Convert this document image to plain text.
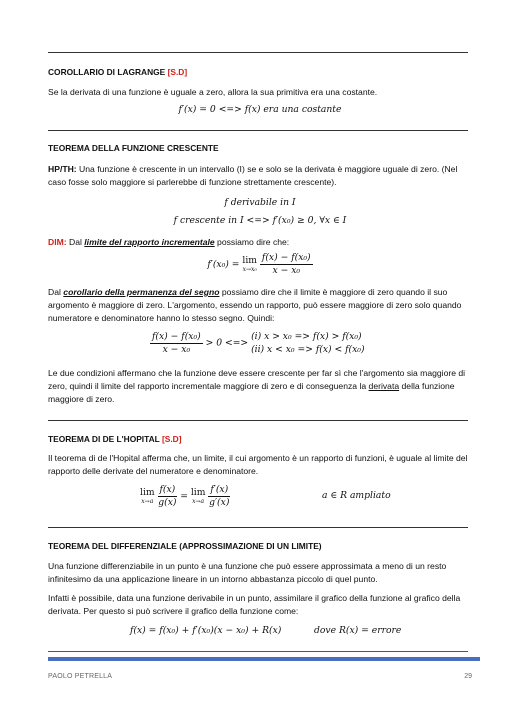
COROLLARIO DI LAGRANGE [S.D]
Se la derivata di una funzione è uguale a zero, allora la sua primitiva era una costante.
f′(x) = 0 <=> f(x) era una costante
TEOREMA DELLA FUNZIONE CRESCENTE
HP/TH: Una funzione è crescente in un intervallo (I) se e solo se la derivata è maggiore uguale di zero. (Nel caso fosse solo maggiore si parlerebbe di funzione strettamente crescente).
f derivabile in I
f crescente in I <=> f′(x₀) ≥ 0, ∀x ∈ I
DIM: Dal limite del rapporto incrementale possiamo dire che:
f′(x₀) = lim
x→x₀
$\frac{\text{f(x) − f(x₀)}}{\text{x − x₀}}$
Dal corollario della permanenza del segno possiamo dire che il limite è maggiore di zero quando il suo argomento è maggiore di zero. L'argomento, essendo un rapporto, può essere maggiore di zero solo quando numeratore e denominatore hanno lo stesso segno. Quindi:
$\frac{\text{f(x) − f(x₀)}}{\text{x − x₀}} > 0$ <=>
(i) x > x₀ => f(x) > f(x₀)
(ii) x < x₀ => f(x) < f(x₀)
Le due condizioni affermano che la funzione deve essere crescente per far sì che l'argomento sia maggiore di zero, quindi il limite del rapporto incrementale maggiore di zero e di conseguenza la derivata della funzione maggiore di zero.
TEOREMA DI DE L'HOPITAL [S.D]
Il teorema di de l'Hopital afferma che, un limite, il cui argomento è un rapporto di funzioni, è uguale al limite del rapporto delle derivate del numeratore e denominatore.
lim
x→a
$\frac{f(x)}{g(x)} = \lim$
x→a
$\frac{f'(x)}{g'(x)}$	a ∈ R ampliato
TEOREMA DEL DIFFERENZIALE (APPROSSIMAZIONE DI UN LIMITE)
Una funzione differenziabile in un punto è una funzione che può essere approssimata a meno di un resto infinitesimo da una applicazione lineare in un intorno abbastanza piccolo di quel punto.
Infatti è possibile, data una funzione derivabile in un punto, assimilare il grafico della funzione al grafico della derivata. Per questo si può scrivere il grafico della funzione come:
f(x) = f(x₀) + f′(x₀)(x − x₀) + R(x)	dove R(x) = errore
PAOLO PETRELLA	29
